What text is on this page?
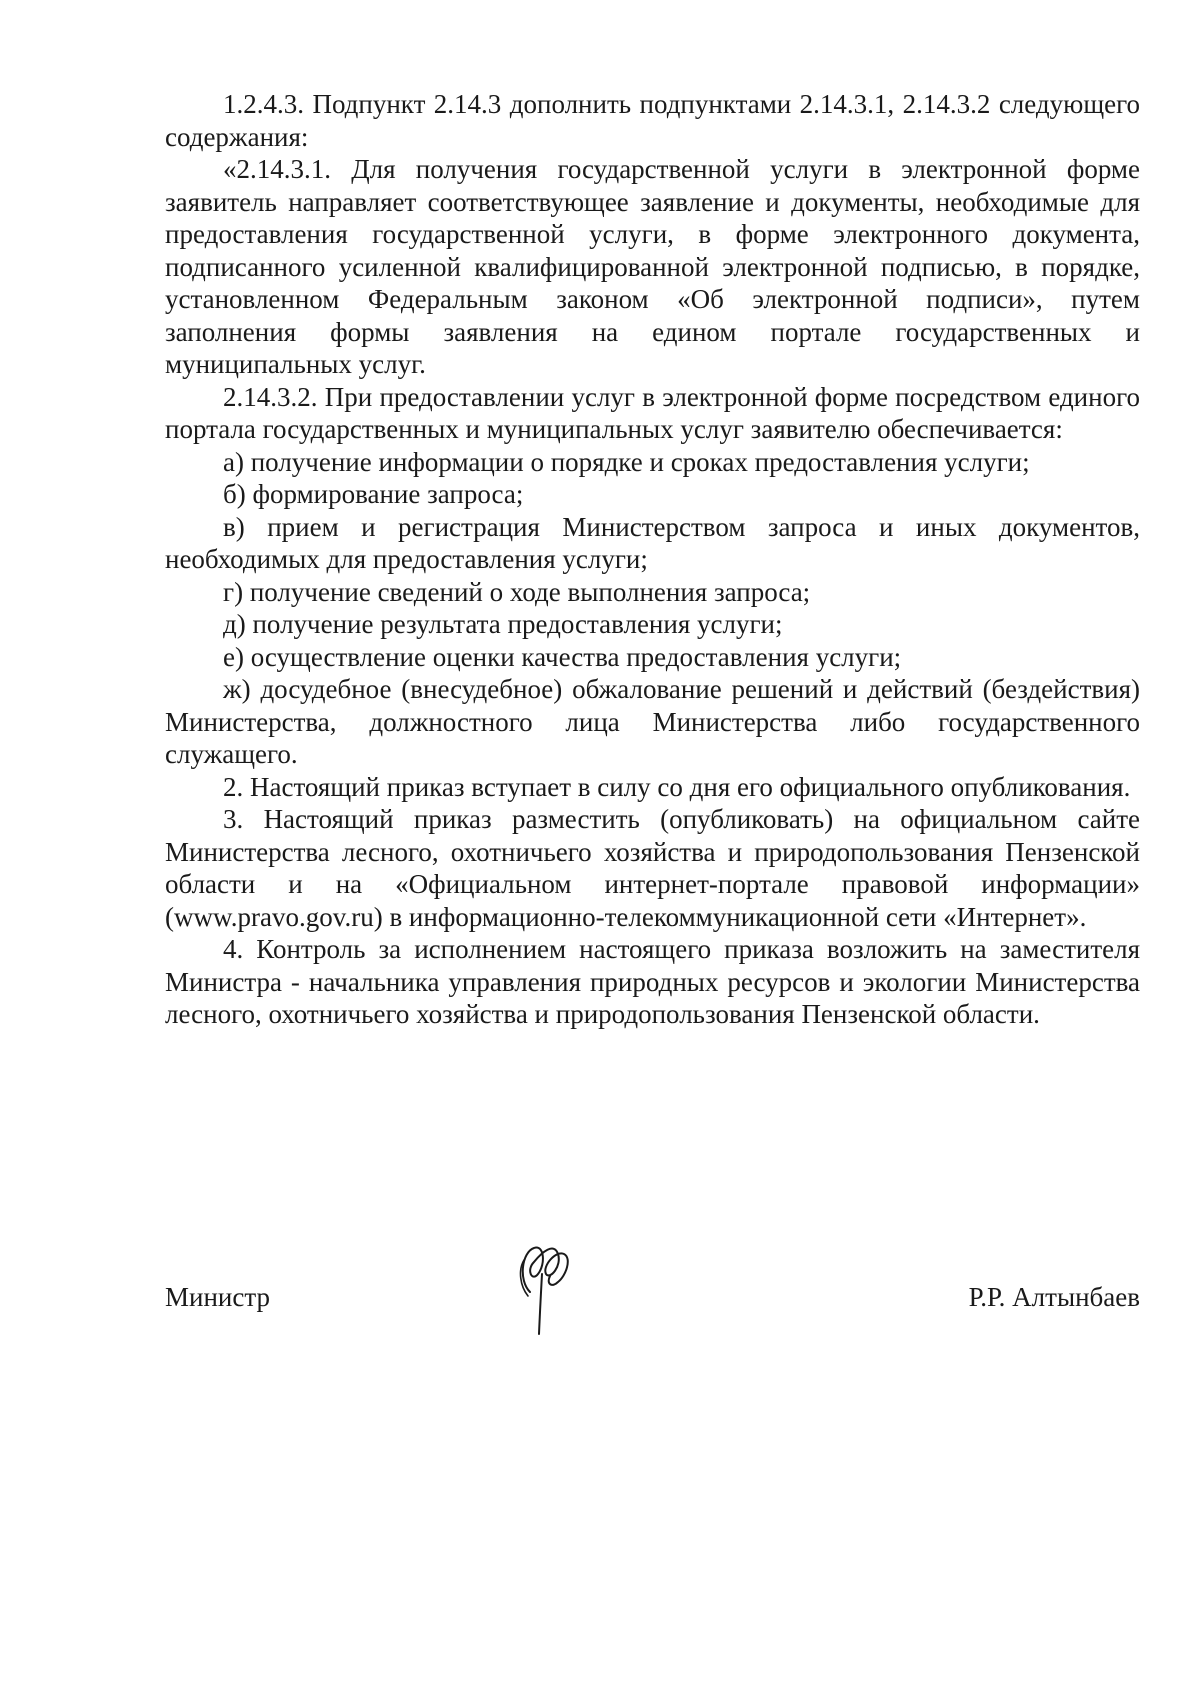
1.2.4.3. Подпункт 2.14.3 дополнить подпунктами 2.14.3.1, 2.14.3.2 следующего содержания:

«2.14.3.1. Для получения государственной услуги в электронной форме заявитель направляет соответствующее заявление и документы, необходимые для предоставления государственной услуги, в форме электронного документа, подписанного усиленной квалифицированной электронной подписью, в порядке, установленном Федеральным законом «Об электронной подписи», путем заполнения формы заявления на едином портале государственных и муниципальных услуг.

2.14.3.2. При предоставлении услуг в электронной форме посредством единого портала государственных и муниципальных услуг заявителю обеспечивается:

а) получение информации о порядке и сроках предоставления услуги;

б) формирование запроса;

в) прием и регистрация Министерством запроса и иных документов, необходимых для предоставления услуги;

г) получение сведений о ходе выполнения запроса;

д) получение результата предоставления услуги;

е) осуществление оценки качества предоставления услуги;

ж) досудебное (внесудебное) обжалование решений и действий (бездействия) Министерства, должностного лица Министерства либо государственного служащего.

2. Настоящий приказ вступает в силу со дня его официального опубликования.

3. Настоящий приказ разместить (опубликовать) на официальном сайте Министерства лесного, охотничьего хозяйства и природопользования Пензенской области и на «Официальном интернет-портале правовой информации» (www.pravo.gov.ru) в информационно-телекоммуникационной сети «Интернет».

4. Контроль за исполнением настоящего приказа возложить на заместителя Министра - начальника управления природных ресурсов и экологии Министерства лесного, охотничьего хозяйства и природопользования Пензенской области.

Министр	Р.Р. Алтынбаев
